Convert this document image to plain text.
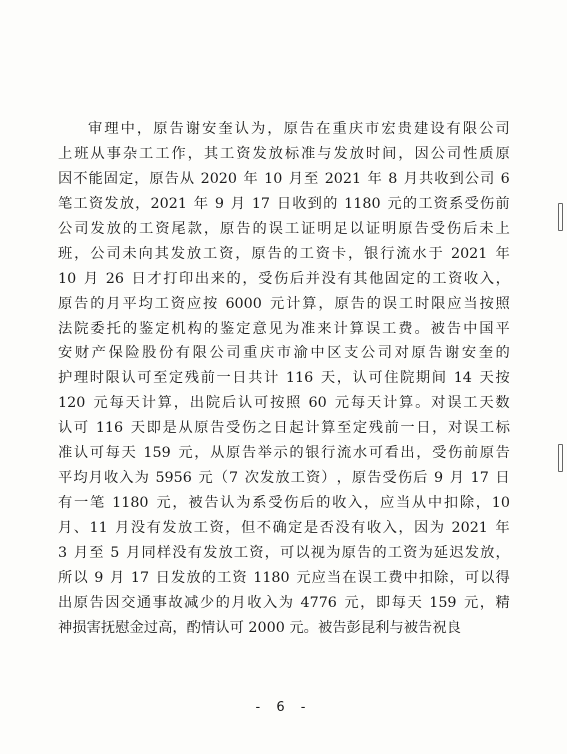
审 理 中 ， 原 告 谢 安 奎 认 为 ， 原 告 在 重 庆 市 宏 贵 建 设 有 限 公 司
上 班 从 事 杂 工 工 作 ， 其 工 资 发 放 标 准 与 发 放 时 间 ， 因 公 司 性 质 原
因 不 能 固 定 ， 原 告 从
2020
年
10
月 至
2021
年
8
月 共 收 到 公 司
6
笔 工 资 发 放 ， 2021
年
9
月
17
日 收 到 的
1180
元 的 工 资 系 受 伤 前
公 司 发 放 的 工 资 尾 款 ， 原 告 的 误 工 证 明 足 以 证 明 原 告 受 伤 后 未 上
班 ， 公 司 未 向 其 发 放 工 资 ， 原 告 的 工 资 卡 ， 银 行 流 水 于
2021
年
10
月
26
日 才 打 印 出 来 的 ， 受 伤 后 并 没 有 其 他 固 定 的 工 资 收 入 ，
原 告 的 月 平 均 工 资 应 按
6000
元 计 算 ， 原 告 的 误 工 时 限 应 当 按 照
法 院 委 托 的 鉴 定 机 构 的 鉴 定 意 见 为 准 来 计 算 误 工 费 。 被 告 中 国 平
安 财 产 保 险 股 份 有 限 公 司 重 庆 市 渝 中 区 支 公 司 对 原 告 谢 安 奎 的
护 理 时 限 认 可 至 定 残 前 一 日 共 计
116
天 ， 认 可 住 院 期 间
14
天 按
120
元 每 天 计 算 ， 出 院 后 认 可 按 照
60
元 每 天 计 算 。 对 误 工 天 数
认 可
116
天 即 是 从 原 告 受 伤 之 日 起 计 算 至 定 残 前 一 日 ， 对 误 工 标
准 认 可 每 天
159
元 ， 从 原 告 举 示 的 银 行 流 水 可 看 出 ， 受 伤 前 原 告
平 均 月 收 入 为
5956
元 （ 7
次 发 放 工 资 ） ， 原 告 受 伤 后
9
月
17
日
有 一 笔
1180
元 ， 被 告 认 为 系 受 伤 后 的 收 入 ， 应 当 从 中 扣 除 ， 10
月 、 11
月 没 有 发 放 工 资 ， 但 不 确 定 是 否 没 有 收 入 ， 因 为
2021
年
3
月 至
5
月 同 样 没 有 发 放 工 资 ， 可 以 视 为 原 告 的 工 资 为 延 迟 发 放 ，
所 以
9
月
17
日 发 放 的 工 资
1180
元 应 当 在 误 工 费 中 扣 除 ， 可 以 得
出 原 告 因 交 通 事 故 减 少 的 月 收 入 为
4776
元 ， 即 每 天
159
元 ， 精
神 损 害 抚 慰 金 过 高 ， 酌 情 认 可
2000
元 。 被 告 彭 昆 利 与 被 告 祝 良
- 6 -
